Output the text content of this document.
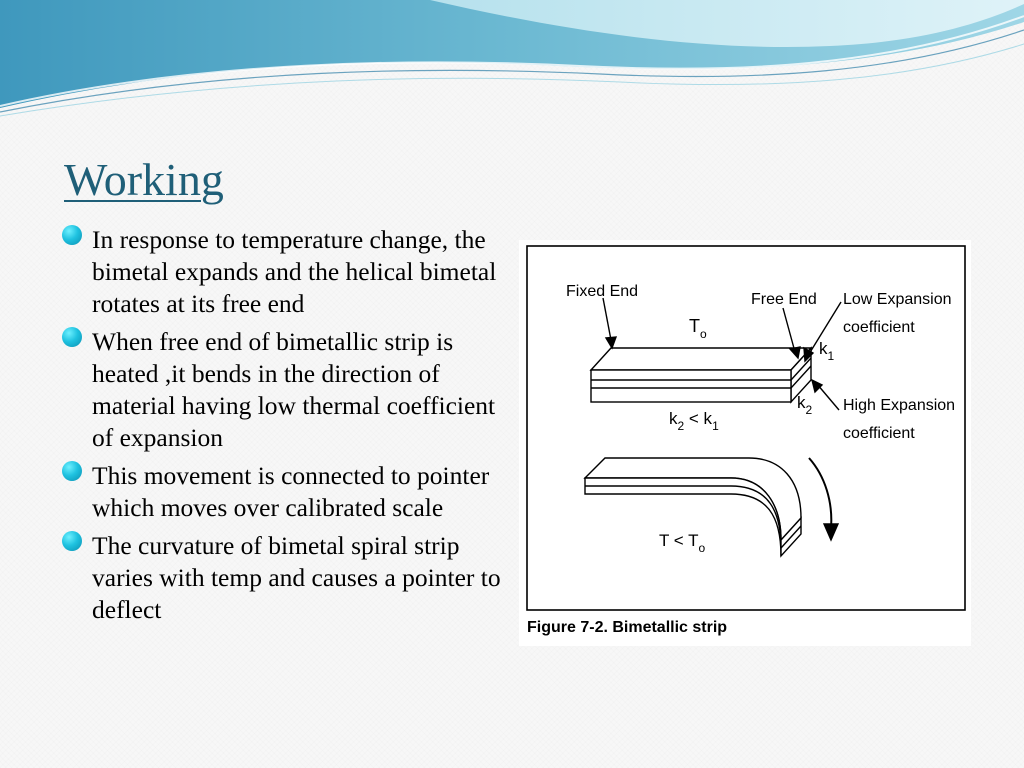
Working
In response to temperature change, the bimetal expands and the helical bimetal rotates at its free end
When free end of bimetallic strip is heated ,it bends in the direction of material having low thermal coefficient of expansion
This movement is connected to pointer which moves over calibrated scale
The curvature of bimetal spiral strip varies with temp and causes a pointer to deflect
Fixed End	Free End Low Expansion
coefficient
High Expansion
coefficient
$T_o$
$k_1$
$k_2$
$k_2 < k_1$
$T < T_o$
Figure 7-2. Bimetallic strip
